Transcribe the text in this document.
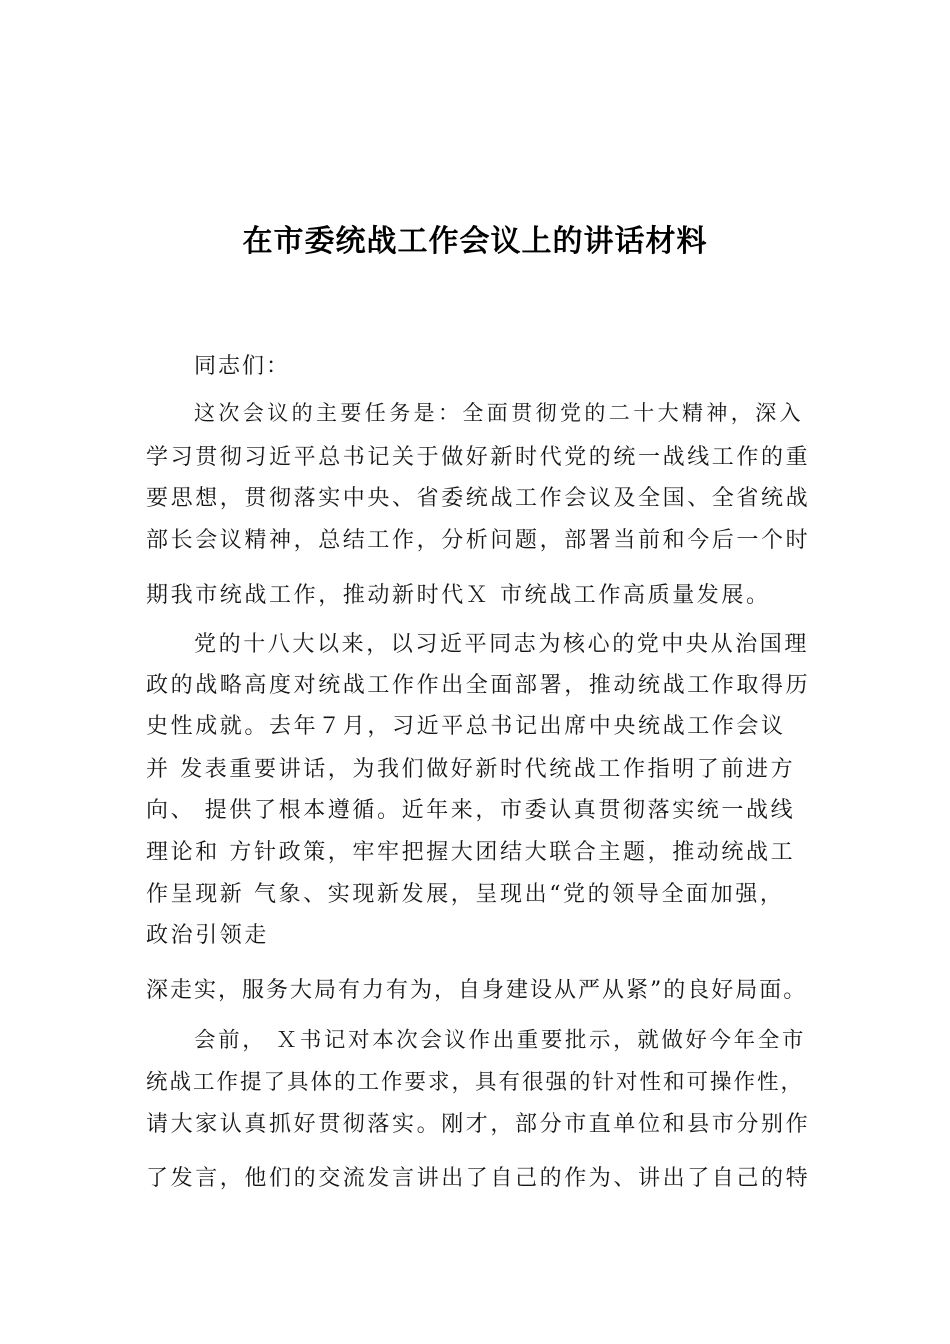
在市委统战工作会议上的讲话材料
同志们：
这次会议的主要任务是：全面贯彻党的二十大精神，深入
学习贯彻习近平总书记关于做好新时代党的统一战线工作的重
要思想，贯彻落实中央、省委统战工作会议及全国、全省统战
部长会议精神，总结工作，分析问题，部署当前和今后一个时
期我市统战工作，推动新时代Ｘ 市统战工作高质量发展。
党的十八大以来，以习近平同志为核心的党中央从治国理
政的战略高度对统战工作作出全面部署，推动统战工作取得历
史性成就。去年７月，习近平总书记出席中央统战工作会议
并 发表重要讲话，为我们做好新时代统战工作指明了前进方
向、 提供了根本遵循。近年来，市委认真贯彻落实统一战线
理论和 方针政策，牢牢把握大团结大联合主题，推动统战工
作呈现新 气象、实现新发展，呈现出“党的领导全面加强，
政治引领走
深走实，服务大局有力有为，自身建设从严从紧”的良好局面。
会前， Ｘ书记对本次会议作出重要批示，就做好今年全市
统战工作提了具体的工作要求，具有很强的针对性和可操作性，
请大家认真抓好贯彻落实。刚才，部分市直单位和县市分别作
了发言，他们的交流发言讲出了自己的作为、讲出了自己的特
